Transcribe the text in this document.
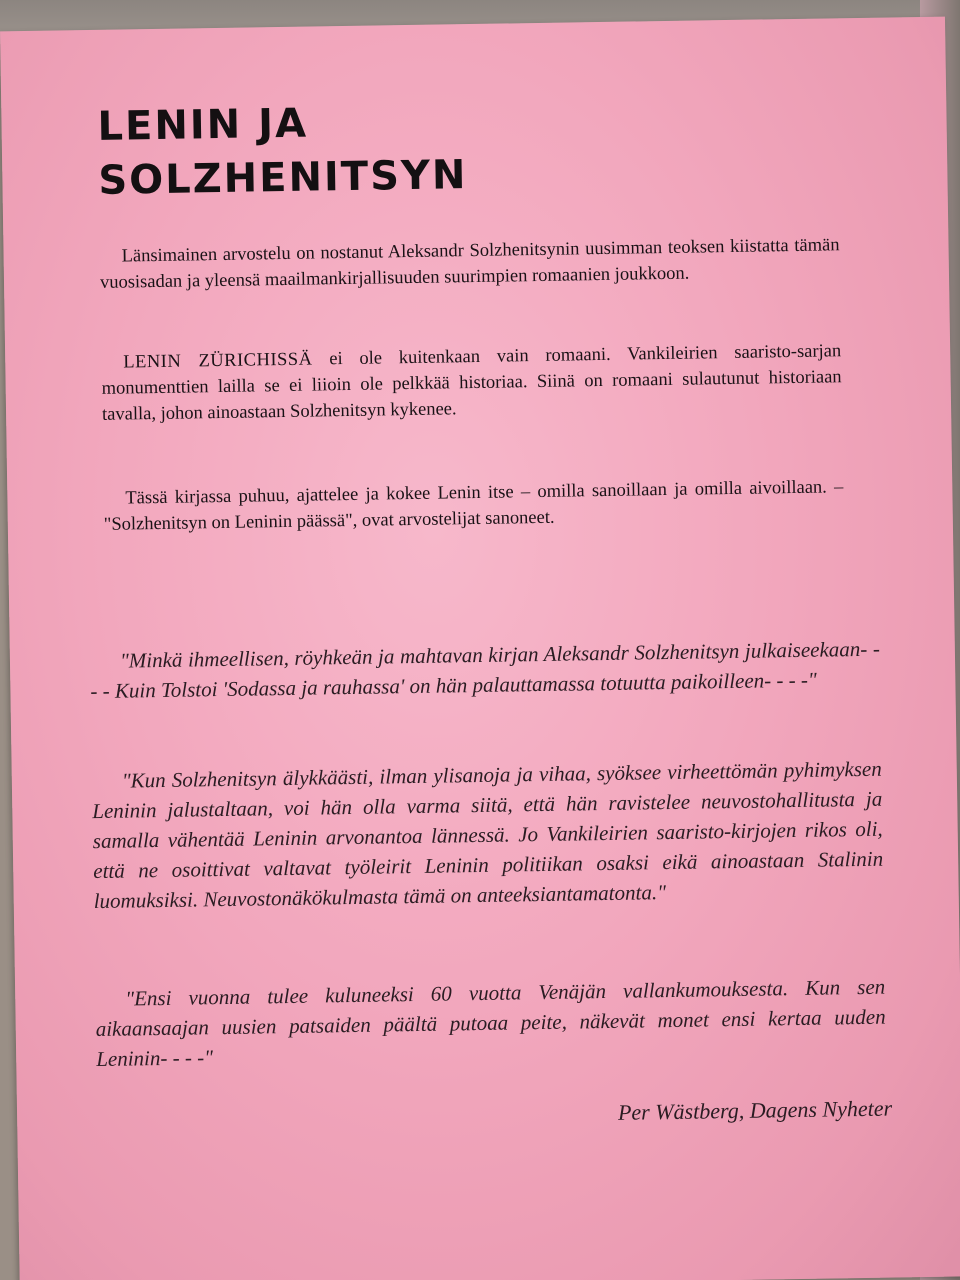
LENIN JA
SOLZHENITSYN

Länsimainen arvostelu on nostanut Aleksandr Solzhenitsynin uusimman teoksen kiistatta tämän vuosisadan ja yleensä maailmankirjallisuuden suurimpien romaanien joukkoon.

LENIN ZÜRICHISSÄ ei ole kuitenkaan vain romaani. Vankileirien saaristo-sarjan monumenttien lailla se ei liioin ole pelkkää historiaa. Siinä on romaani sulautunut historiaan tavalla, johon ainoastaan Solzhenitsyn kykenee.

Tässä kirjassa puhuu, ajattelee ja kokee Lenin itse – omilla sanoillaan ja omilla aivoillaan. – "Solzhenitsyn on Leninin päässä", ovat arvostelijat sanoneet.

"Minkä ihmeellisen, röyhkeän ja mahtavan kirjan Aleksandr Solzhenitsyn julkaiseekaan- - - - Kuin Tolstoi 'Sodassa ja rauhassa' on hän palauttamassa totuutta paikoilleen- - - -"

"Kun Solzhenitsyn älykkäästi, ilman ylisanoja ja vihaa, syöksee virheettömän pyhimyksen Leninin jalustaltaan, voi hän olla varma siitä, että hän ravistelee neuvostohallitusta ja samalla vähentää Leninin arvonantoa lännessä. Jo Vankileirien saaristo-kirjojen rikos oli, että ne osoittivat valtavat työleirit Leninin politiikan osaksi eikä ainoastaan Stalinin luomuksiksi. Neuvostonäkökulmasta tämä on anteeksiantamatonta."

"Ensi vuonna tulee kuluneeksi 60 vuotta Venäjän vallankumouksesta. Kun sen aikaansaajan uusien patsaiden päältä putoaa peite, näkevät monet ensi kertaa uuden Leninin- - - -"

Per Wästberg, Dagens Nyheter
